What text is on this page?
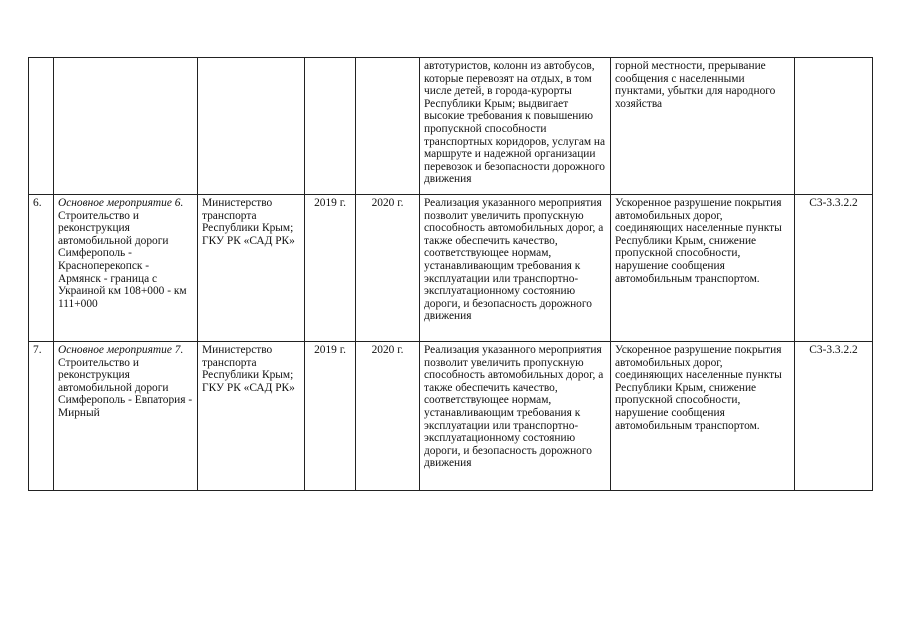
					автотуристов, колонн из автобусов, которые перевозят на отдых, в том числе детей, в города-курорты Республики Крым; выдвигает высокие требования к повышению пропускной способности транспортных коридоров, услугам на маршруте и надежной организации перевозок и безопасности дорожного движения	горной местности, прерывание сообщения с населенными пунктами, убытки для народного хозяйства	
6.	Основное мероприятие 6. Строительство и реконструкция автомобильной дороги Симферополь - Красноперекопск - Армянск - граница с Украиной км 108+000 - км 111+000	Министерство транспорта Республики Крым; ГКУ РК «САД РК»	2019 г.	2020 г.	Реализация указанного мероприятия позволит увеличить пропускную способность автомобильных дорог, а также обеспечить качество, соответствующее нормам, устанавливающим требования к эксплуатации или транспортно-эксплуатационному состоянию дороги, и безопасность дорожного движения	Ускоренное разрушение покрытия автомобильных дорог, соединяющих населенные пункты Республики Крым, снижение пропускной способности, нарушение сообщения автомобильным транспортом.	С3-3.3.2.2
7.	Основное мероприятие 7. Строительство и реконструкция автомобильной дороги Симферополь - Евпатория - Мирный	Министерство транспорта Республики Крым; ГКУ РК «САД РК»	2019 г.	2020 г.	Реализация указанного мероприятия позволит увеличить пропускную способность автомобильных дорог, а также обеспечить качество, соответствующее нормам, устанавливающим требования к эксплуатации или транспортно-эксплуатационному состоянию дороги, и безопасность дорожного движения	Ускоренное разрушение покрытия автомобильных дорог, соединяющих населенные пункты Республики Крым, снижение пропускной способности, нарушение сообщения автомобильным транспортом.	С3-3.3.2.2
